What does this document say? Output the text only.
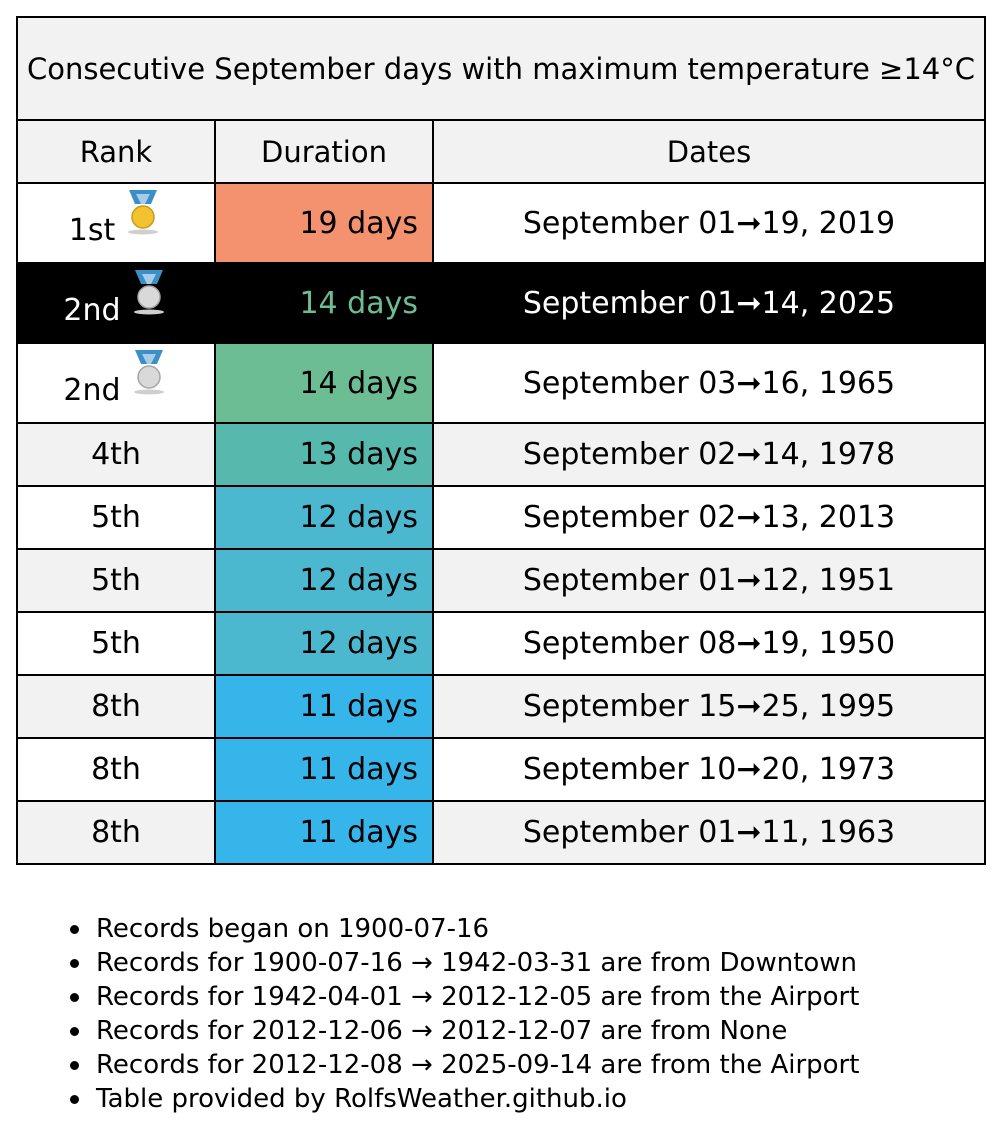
Consecutive September days with maximum temperature ≥14°C		
Rank	Duration	Dates

1st	19 days	September 01➞19, 2019

2nd	14 days	September 01➞14, 2025

2nd	14 days	September 03➞16, 1965

4th	13 days	September 02➞14, 1978

5th	12 days	September 02➞13, 2013

5th	12 days	September 01➞12, 1951

5th	12 days	September 08➞19, 1950

8th	11 days	September 15➞25, 1995

8th	11 days	September 10➞20, 1973

8th	11 days	September 01➞11, 1963
Records began on 1900-07-16
Records for 1900-07-16 → 1942-03-31 are from Downtown
Records for 1942-04-01 → 2012-12-05 are from the Airport
Records for 2012-12-06 → 2012-12-07 are from None
Records for 2012-12-08 → 2025-09-14 are from the Airport
Table provided by RolfsWeather.github.io
